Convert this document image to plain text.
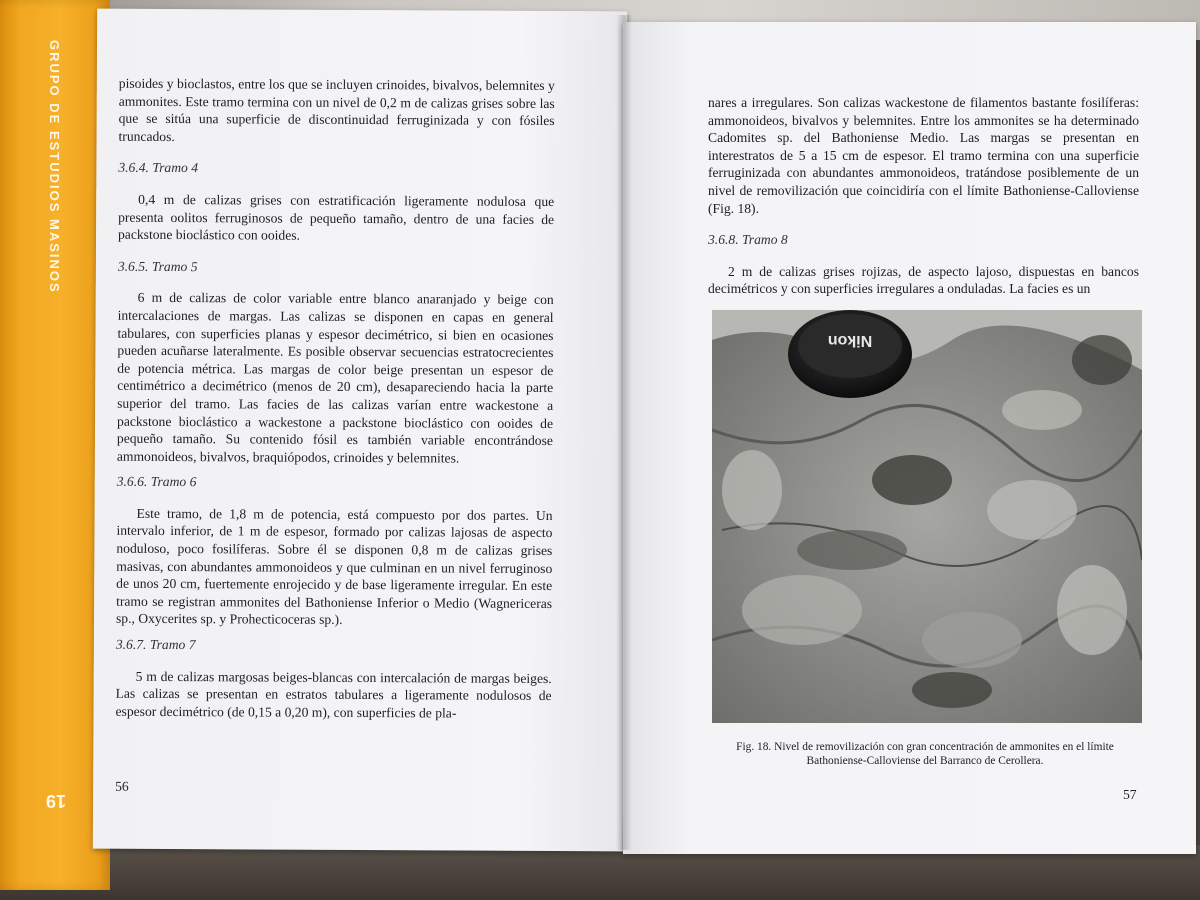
GRUPO DE ESTUDIOS MASINOS
19

pisoides y bioclastos, entre los que se incluyen crinoides, bivalvos, belemnites y ammonites. Este tramo termina con un nivel de 0,2 m de calizas grises sobre las que se sitúa una superficie de discontinuidad ferruginizada y con fósiles truncados.

3.6.4. Tramo 4

0,4 m de calizas grises con estratificación ligeramente nodulosa que presenta oolitos ferruginosos de pequeño tamaño, dentro de una facies de packstone bioclástico con ooides.

3.6.5. Tramo 5

6 m de calizas de color variable entre blanco anaranjado y beige con intercalaciones de margas. Las calizas se disponen en capas en general tabulares, con superficies planas y espesor decimétrico, si bien en ocasiones pueden acuñarse lateralmente. Es posible observar secuencias estratocrecientes de potencia métrica. Las margas de color beige presentan un espesor de centimétrico a decimétrico (menos de 20 cm), desapareciendo hacia la parte superior del tramo. Las facies de las calizas varían entre wackestone a packstone bioclástico a wackestone a packstone bioclástico con ooides de pequeño tamaño. Su contenido fósil es también variable encontrándose ammonoideos, bivalvos, braquiópodos, crinoides y belemnites.

3.6.6. Tramo 6

Este tramo, de 1,8 m de potencia, está compuesto por dos partes. Un intervalo inferior, de 1 m de espesor, formado por calizas lajosas de aspecto noduloso, poco fosilíferas. Sobre él se disponen 0,8 m de calizas grises masivas, con abundantes ammonoideos y que culminan en un nivel ferruginoso de unos 20 cm, fuertemente enrojecido y de base ligeramente irregular. En este tramo se registran ammonites del Bathoniense Inferior o Medio (Wagnericeras sp., Oxycerites sp. y Prohecticoceras sp.).

3.6.7. Tramo 7

5 m de calizas margosas beiges-blancas con intercalación de margas beiges. Las calizas se presentan en estratos tabulares a ligeramente nodulosos de espesor decimétrico (de 0,15 a 0,20 m), con superficies de pla-

56

nares a irregulares. Son calizas wackestone de filamentos bastante fosilíferas: ammonoideos, bivalvos y belemnites. Entre los ammonites se ha determinado Cadomites sp. del Bathoniense Medio. Las margas se presentan en interestratos de 5 a 15 cm de espesor. El tramo termina con una superficie ferruginizada con abundantes ammonoideos, tratándose posiblemente de un nivel de removilización que coincidiría con el límite Bathoniense-Calloviense (Fig. 18).

3.6.8. Tramo 8

2 m de calizas grises rojizas, de aspecto lajoso, dispuestas en bancos decimétricos y con superficies irregulares a onduladas. La facies es un

Nikon
Fig. 18. Nivel de removilización con gran concentración de ammonites en el límite Bathoniense-Calloviense del Barranco de Cerollera.
57
